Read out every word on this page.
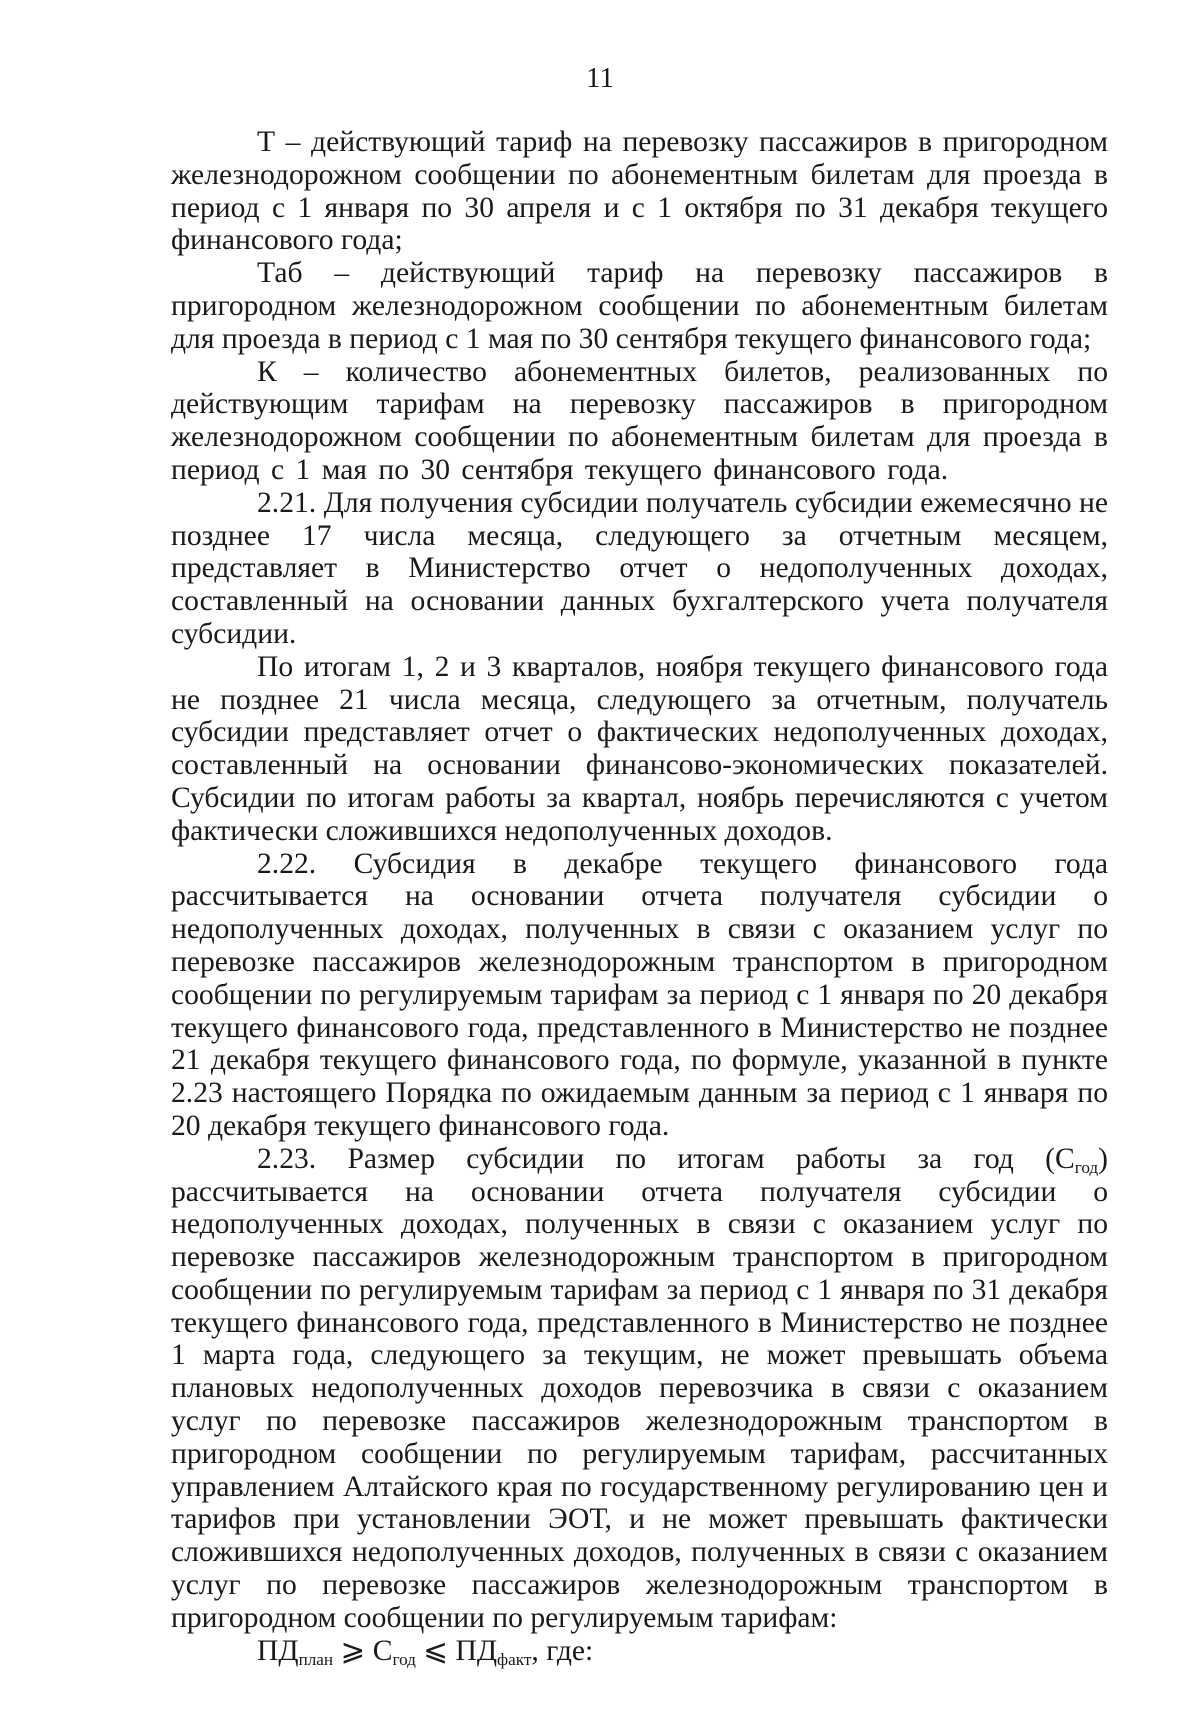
11

Т – действующий тариф на перевозку пассажиров в пригородном железнодорожном сообщении по абонементным билетам для проезда в период с 1 января по 30 апреля и с 1 октября по 31 декабря текущего финансового года;

Таб – действующий тариф на перевозку пассажиров в пригородном железнодорожном сообщении по абонементным билетам для проезда в период с 1 мая по 30 сентября текущего финансового года;

К – количество абонементных билетов, реализованных по действующим тарифам на перевозку пассажиров в пригородном железнодорожном сообщении по абонементным билетам для проезда в период с 1 мая по 30 сентября текущего финансового года.

2.21. Для получения субсидии получатель субсидии ежемесячно не позднее 17 числа месяца, следующего за отчетным месяцем, представляет в Министерство отчет о недополученных доходах, составленный на основании данных бухгалтерского учета получателя субсидии.

По итогам 1, 2 и 3 кварталов, ноября текущего финансового года не позднее 21 числа месяца, следующего за отчетным, получатель субсидии представляет отчет о фактических недополученных доходах, составленный на основании финансово-экономических показателей. Субсидии по итогам работы за квартал, ноябрь перечисляются с учетом фактически сложившихся недополученных доходов.

2.22. Субсидия в декабре текущего финансового года рассчитывается на основании отчета получателя субсидии о недополученных доходах, полученных в связи с оказанием услуг по перевозке пассажиров железнодорожным транспортом в пригородном сообщении по регулируемым тарифам за период с 1 января по 20 декабря текущего финансового года, представленного в Министерство не позднее 21 декабря текущего финансового года, по формуле, указанной в пункте 2.23 настоящего Порядка по ожидаемым данным за период с 1 января по 20 декабря текущего финансового года.

2.23. Размер субсидии по итогам работы за год $(С_{год})$ рассчитывается на основании отчета получателя субсидии о недополученных доходах, полученных в связи с оказанием услуг по перевозке пассажиров железнодорожным транспортом в пригородном сообщении по регулируемым тарифам за период с 1 января по 31 декабря текущего финансового года, представленного в Министерство не позднее 1 марта года, следующего за текущим, не может превышать объема плановых недополученных доходов перевозчика в связи с оказанием услуг по перевозке пассажиров железнодорожным транспортом в пригородном сообщении по регулируемым тарифам, рассчитанных управлением Алтайского края по государственному регулированию цен и тарифов при установлении ЭОТ, и не может превышать фактически сложившихся недополученных доходов, полученных в связи с оказанием услуг по перевозке пассажиров железнодорожным транспортом в пригородном сообщении по регулируемым тарифам:

$ПД_{план}$ ⩾ $С_{год}$ ⩽ $ПД_{факт}$, где:
